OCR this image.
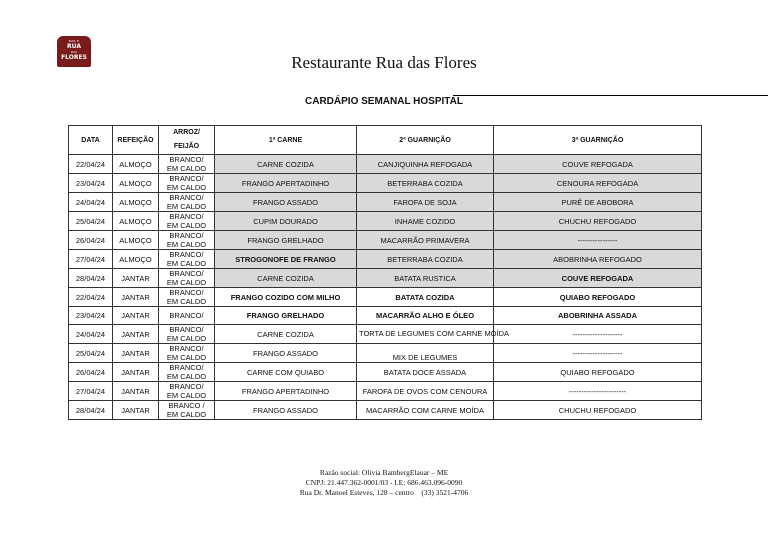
BAR E
RUA
DAS
FLORES	Restaurante Rua das Flores
CARDÁPIO SEMANAL HOSPITAL
DATA	REFEIÇÃO	ARROZ/
FEIJÃO	1ª CARNE	2ª GUARNIÇÃO	3ª GUARNIÇÃO
22/04/24	ALMOÇO	BRANCO/
EM CALDO	CARNE COZIDA	CANJIQUINHA REFOGADA	COUVE REFOGADA
23/04/24	ALMOÇO	BRANCO/
EM CALDO	FRANGO APERTADINHO	BETERRABA COZIDA	CENOURA REFOGADA
24/04/24	ALMOÇO	BRANCO/
EM CALDO	FRANGO ASSADO	FAROFA DE SOJA	PURÊ DE ABOBORA
25/04/24	ALMOÇO	BRANCO/
EM CALDO	CUPIM DOURADO	INHAME COZIDO	CHUCHU REFOGADO
26/04/24	ALMOÇO	BRANCO/
EM CALDO	FRANGO GRELHADO	MACARRÃO PRIMAVERA	----------------
27/04/24	ALMOÇO	BRANCO/
EM CALDO	STROGONOFE DE FRANGO	BETERRABA COZIDA	ABOBRINHA REFOGADO
28/04/24	JANTAR	BRANCO/
EM CALDO	CARNE COZIDA	BATATA RUSTICA	COUVE REFOGADA
22/04/24	JANTAR	BRANCO/
EM CALDO	FRANGO COZIDO COM MILHO	BATATA COZIDA	QUIABO REFOGADO
23/04/24	JANTAR	BRANCO/	FRANGO GRELHADO	MACARRÃO ALHO E ÓLEO	ABOBRINHA ASSADA
24/04/24	JANTAR	BRANCO/
EM CALDO	CARNE COZIDA	TORTA DE LEGUMES COM CARNE MOÍDA	--------------------
25/04/24	JANTAR	BRANCO/
EM CALDO	FRANGO ASSADO	MIX DE LEGUMES	--------------------
26/04/24	JANTAR	BRANCO/
EM CALDO	CARNE COM QUIABO	BATATA DOCE ASSADA	QUIABO REFOGADO
27/04/24	JANTAR	BRANCO/
EM CALDO	FRANGO APERTADINHO	FAROFA DE OVOS COM CENOURA	-----------------------
28/04/24	JANTAR	BRANCO /
EM CALDO	FRANGO ASSADO	MACARRÃO COM CARNE MOÍDA	CHUCHU REFOGADO
Razão social: Olivia BambergElauar – ME
CNPJ: 21.447.362-0001/03 - I.E: 686.463.096-0090
Rua Dr. Manoel Esteves, 128 – centro    (33) 3521-4706
